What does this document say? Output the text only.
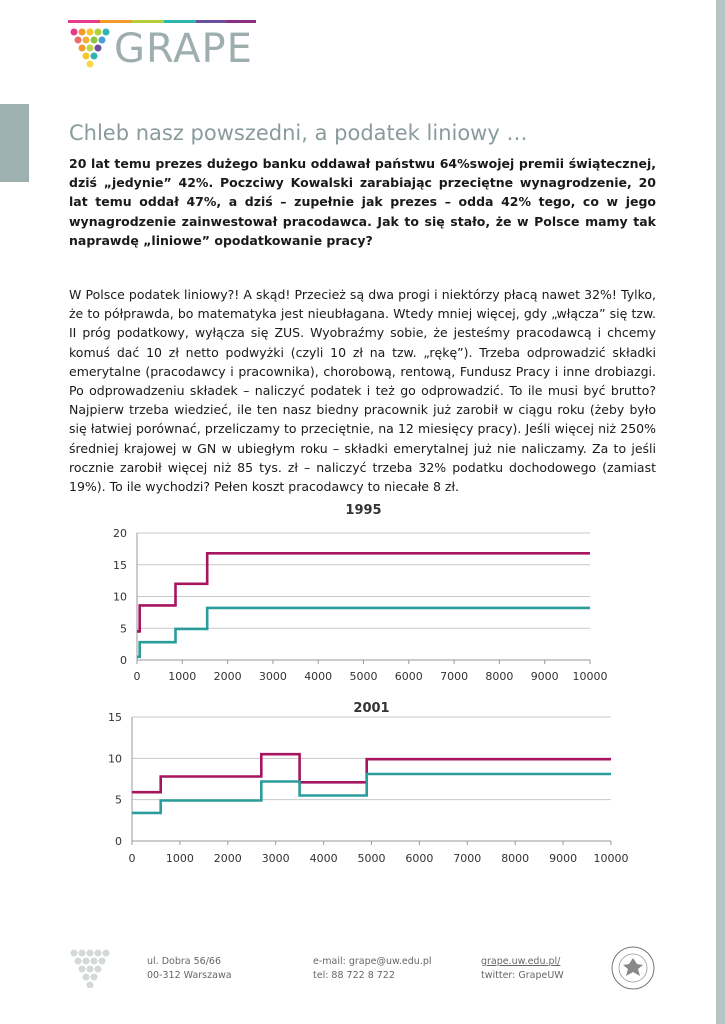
GRAPE
Chleb nasz powszedni, a podatek liniowy …
20 lat temu prezes dużego banku oddawał państwu 64%swojej premii świątecznej, dziś „jedynie” 42%. Poczciwy Kowalski zarabiając przeciętne wynagrodzenie, 20 lat temu oddał 47%, a dziś – zupełnie jak prezes – odda 42% tego, co w jego wynagrodzenie zainwestował pracodawca. Jak to się stało, że w Polsce mamy tak naprawdę „liniowe” opodatkowanie pracy?
W Polsce podatek liniowy?! A skąd! Przecież są dwa progi i niektórzy płacą nawet 32%! Tylko, że to półprawda, bo matematyka jest nieubłagana. Wtedy mniej więcej, gdy „włącza” się tzw. II próg podatkowy, wyłącza się ZUS. Wyobraźmy sobie, że jesteśmy pracodawcą i chcemy komuś dać 10 zł netto podwyżki (czyli 10 zł na tzw. „rękę”). Trzeba odprowadzić składki emerytalne (pracodawcy i pracownika), chorobową, rentową, Fundusz Pracy i inne drobiazgi. Po odprowadzeniu składek – naliczyć podatek i też go odprowadzić. To ile musi być brutto? Najpierw trzeba wiedzieć, ile ten nasz biedny pracownik już zarobił w ciągu roku (żeby było się łatwiej porównać, przeliczamy to przeciętnie, na 12 miesięcy pracy). Jeśli więcej niż 250% średniej krajowej w GN w ubiegłym roku – składki emerytalnej już nie naliczamy. Za to jeśli rocznie zarobił więcej niż 85 tys. zł – naliczyć trzeba 32% podatku dochodowego (zamiast 19%). To ile wychodzi? Pełen koszt pracodawcy to niecałe 8 zł.
1995
0
5
10
15
20
0	1000 2000 3000 4000 5000 6000 7000 8000 9000 10000
2001
0
5
10
15
0	1000 2000 3000 4000 5000 6000 7000 8000 9000 10000
ul. Dobra 56/66
00-312 Warszawa
e-mail: grape@uw.edu.pl
tel: 88 722 8 722
grape.uw.edu.pl/
twitter: GrapeUW
